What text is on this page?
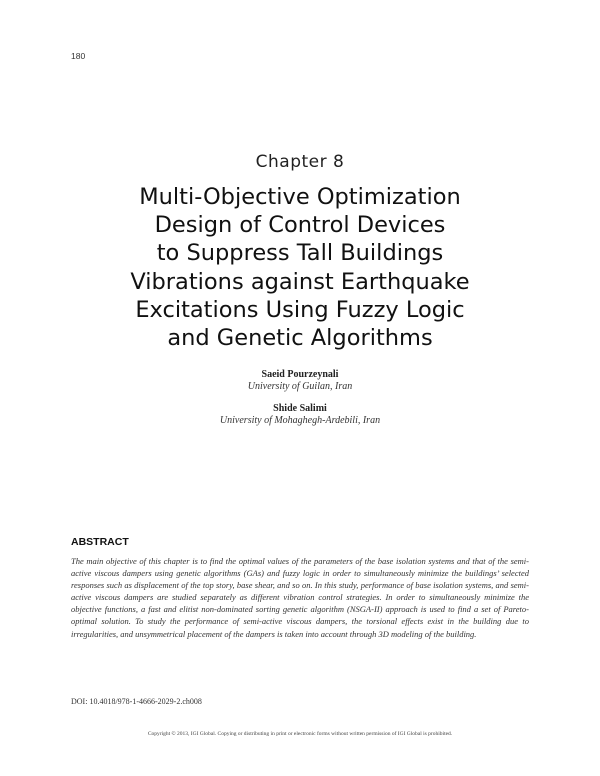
180
Chapter 8
Multi-Objective Optimization
Design of Control Devices
to Suppress Tall Buildings
Vibrations against Earthquake
Excitations Using Fuzzy Logic
and Genetic Algorithms
Saeid Pourzeynali
University of Guilan, Iran
Shide Salimi
University of Mohaghegh-Ardebili, Iran
ABSTRACT

The main objective of this chapter is to find the optimal values of the parameters of the base isolation systems and that of the semi-active viscous dampers using genetic algorithms (GAs) and fuzzy logic in order to simultaneously minimize the buildings’ selected responses such as displacement of the top story, base shear, and so on. In this study, performance of base isolation systems, and semi-active viscous dampers are studied separately as different vibration control strategies. In order to simultaneously minimize the objective functions, a fast and elitist non-dominated sorting genetic algorithm (NSGA-II) approach is used to find a set of Pareto-optimal solution. To study the performance of semi-active viscous dampers, the torsional effects exist in the building due to irregularities, and unsymmetrical placement of the dampers is taken into account through 3D modeling of the building.

DOI: 10.4018/978-1-4666-2029-2.ch008
Copyright © 2013, IGI Global. Copying or distributing in print or electronic forms without written permission of IGI Global is prohibited.
